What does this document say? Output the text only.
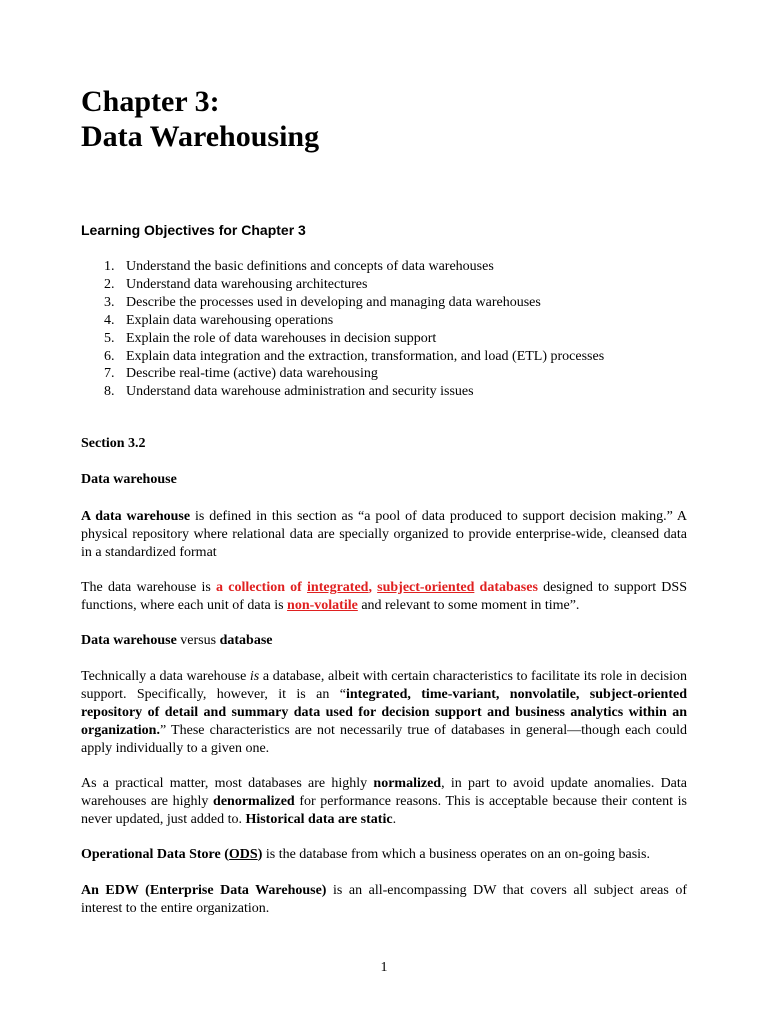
Chapter 3:
Data Warehousing
Learning Objectives for Chapter 3
1. Understand the basic definitions and concepts of data warehouses
2. Understand data warehousing architectures
3. Describe the processes used in developing and managing data warehouses
4. Explain data warehousing operations
5. Explain the role of data warehouses in decision support
6. Explain data integration and the extraction, transformation, and load (ETL) processes
7. Describe real-time (active) data warehousing
8. Understand data warehouse administration and security issues

Section 3.2

Data warehouse

A data warehouse is defined in this section as “a pool of data produced to support decision making.” A physical repository where relational data are specially organized to provide enterprise-wide, cleansed data in a standardized format

The data warehouse is a collection of integrated, subject-oriented databases designed to support DSS functions, where each unit of data is non-volatile and relevant to some moment in time”.

Data warehouse versus database

Technically a data warehouse is a database, albeit with certain characteristics to facilitate its role in decision support. Specifically, however, it is an “integrated, time-variant, nonvolatile, subject-oriented repository of detail and summary data used for decision support and business analytics within an organization.” These characteristics are not necessarily true of databases in general—though each could apply individually to a given one.

As a practical matter, most databases are highly normalized, in part to avoid update anomalies. Data warehouses are highly denormalized for performance reasons. This is acceptable because their content is never updated, just added to. Historical data are static.

Operational Data Store (ODS) is the database from which a business operates on an on-going basis.

An EDW (Enterprise Data Warehouse) is an all-encompassing DW that covers all subject areas of interest to the entire organization.

1
